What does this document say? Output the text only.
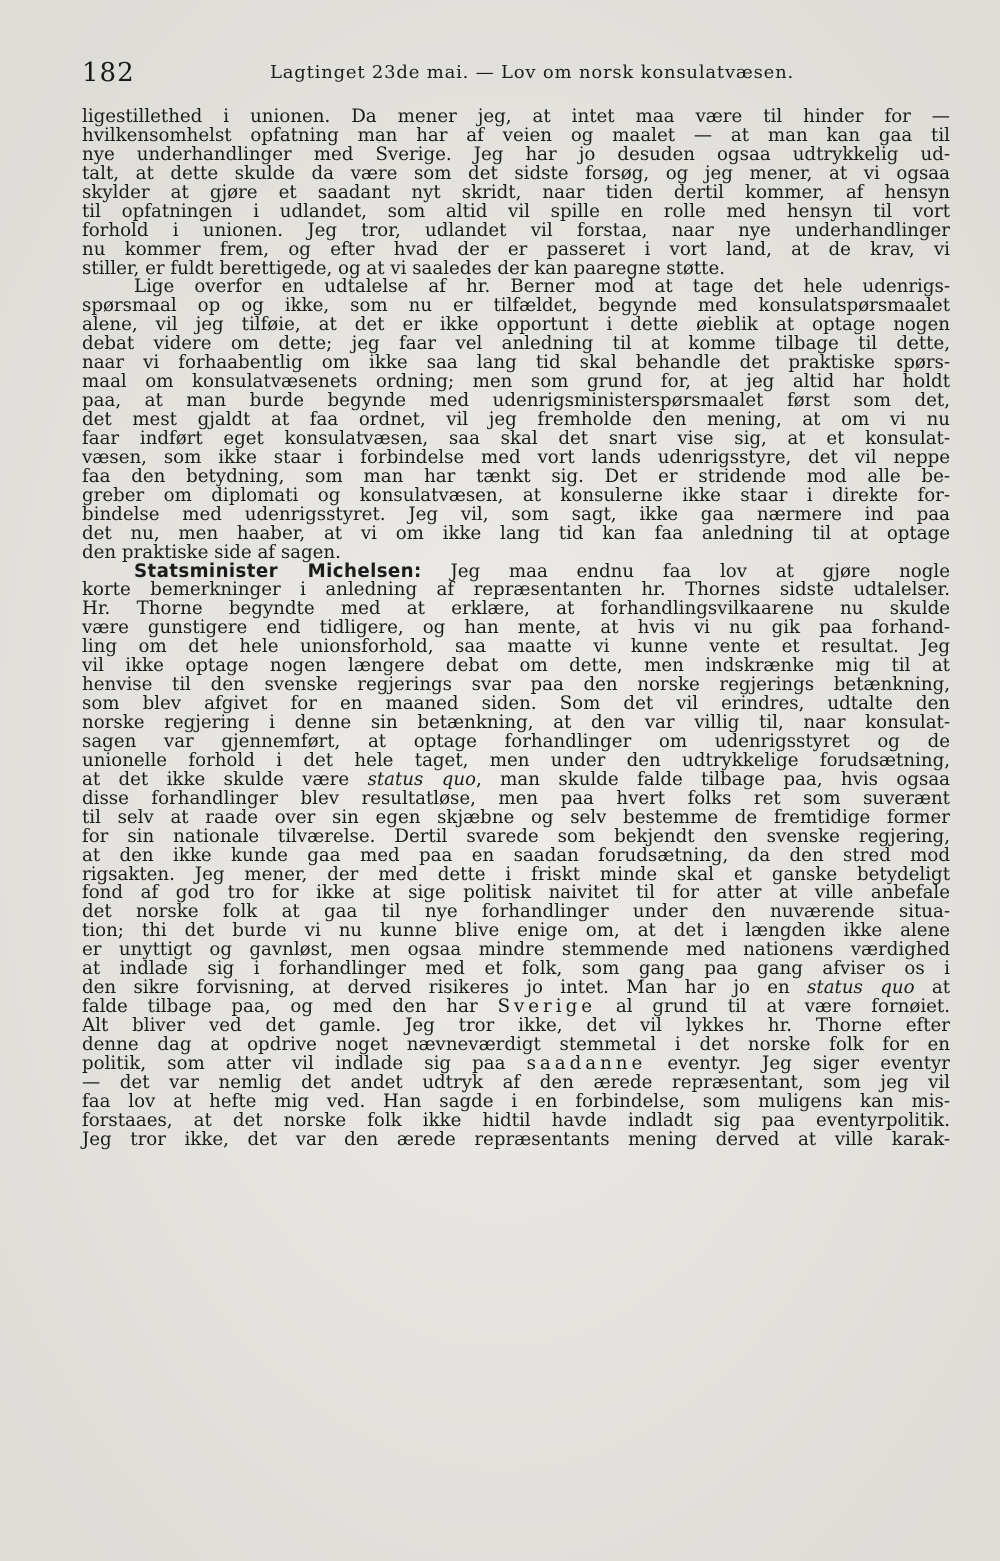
182	Lagtinget 23de mai. — Lov om norsk konsulatvæsen.
ligestillethed i unionen. Da mener jeg, at intet maa være til hinder for —
hvilkensomhelst opfatning man har af veien og maalet — at man kan gaa til
nye underhandlinger med Sverige. Jeg har jo desuden ogsaa udtrykkelig ud-
talt, at dette skulde da være som det sidste forsøg, og jeg mener, at vi ogsaa
skylder at gjøre et saadant nyt skridt, naar tiden dertil kommer, af hensyn
til opfatningen i udlandet, som altid vil spille en rolle med hensyn til vort
forhold i unionen. Jeg tror, udlandet vil forstaa, naar nye underhandlinger
nu kommer frem, og efter hvad der er passeret i vort land, at de krav, vi
stiller, er fuldt berettigede, og at vi saaledes der kan paaregne støtte.
Lige overfor en udtalelse af hr. Berner mod at tage det hele udenrigs-
spørsmaal op og ikke, som nu er tilfældet, begynde med konsulatspørsmaalet
alene, vil jeg tilføie, at det er ikke opportunt i dette øieblik at optage nogen
debat videre om dette; jeg faar vel anledning til at komme tilbage til dette,
naar vi forhaabentlig om ikke saa lang tid skal behandle det praktiske spørs-
maal om konsulatvæsenets ordning; men som grund for, at jeg altid har holdt
paa, at man burde begynde med udenrigsministerspørsmaalet først som det,
det mest gjaldt at faa ordnet, vil jeg fremholde den mening, at om vi nu
faar indført eget konsulatvæsen, saa skal det snart vise sig, at et konsulat-
væsen, som ikke staar i forbindelse med vort lands udenrigsstyre, det vil neppe
faa den betydning, som man har tænkt sig. Det er stridende mod alle be-
greber om diplomati og konsulatvæsen, at konsulerne ikke staar i direkte for-
bindelse med udenrigsstyret. Jeg vil, som sagt, ikke gaa nærmere ind paa
det nu, men haaber, at vi om ikke lang tid kan faa anledning til at optage
den praktiske side af sagen.
Statsminister Michelsen: Jeg maa endnu faa lov at gjøre nogle
korte bemerkninger i anledning af repræsentanten hr. Thornes sidste udtalelser.
Hr. Thorne begyndte med at erklære, at forhandlingsvilkaarene nu skulde
være gunstigere end tidligere, og han mente, at hvis vi nu gik paa forhand-
ling om det hele unionsforhold, saa maatte vi kunne vente et resultat. Jeg
vil ikke optage nogen længere debat om dette, men indskrænke mig til at
henvise til den svenske regjerings svar paa den norske regjerings betænkning,
som blev afgivet for en maaned siden. Som det vil erindres, udtalte den
norske regjering i denne sin betænkning, at den var villig til, naar konsulat-
sagen var gjennemført, at optage forhandlinger om udenrigsstyret og de
unionelle forhold i det hele taget, men under den udtrykkelige forudsætning,
at det ikke skulde være status quo, man skulde falde tilbage paa, hvis ogsaa
disse forhandlinger blev resultatløse, men paa hvert folks ret som suverænt
til selv at raade over sin egen skjæbne og selv bestemme de fremtidige former
for sin nationale tilværelse. Dertil svarede som bekjendt den svenske regjering,
at den ikke kunde gaa med paa en saadan forudsætning, da den stred mod
rigsakten. Jeg mener, der med dette i friskt minde skal et ganske betydeligt
fond af god tro for ikke at sige politisk naivitet til for atter at ville anbefale
det norske folk at gaa til nye forhandlinger under den nuværende situa-
tion; thi det burde vi nu kunne blive enige om, at det i længden ikke alene
er unyttigt og gavnløst, men ogsaa mindre stemmende med nationens værdighed
at indlade sig i forhandlinger med et folk, som gang paa gang afviser os i
den sikre forvisning, at derved risikeres jo intet. Man har jo en status quo at
falde tilbage paa, og med den har Sverige al grund til at være fornøiet.
Alt bliver ved det gamle. Jeg tror ikke, det vil lykkes hr. Thorne efter
denne dag at opdrive noget nævneværdigt stemmetal i det norske folk for en
politik, som atter vil indlade sig paa saadanne eventyr. Jeg siger eventyr
— det var nemlig det andet udtryk af den ærede repræsentant, som jeg vil
faa lov at hefte mig ved. Han sagde i en forbindelse, som muligens kan mis-
forstaaes, at det norske folk ikke hidtil havde indladt sig paa eventyrpolitik.
Jeg tror ikke, det var den ærede repræsentants mening derved at ville karak-
